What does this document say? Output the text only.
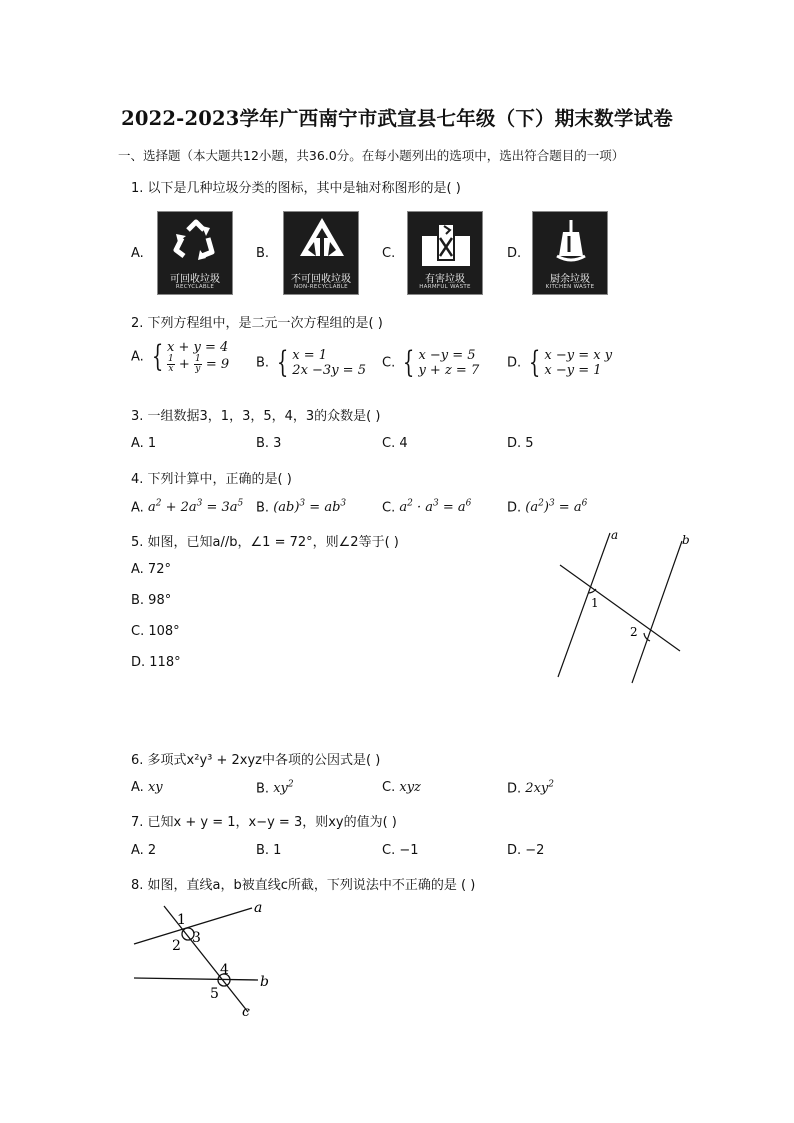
2022-2023学年广西南宁市武宣县七年级（下）期末数学试卷
一、选择题（本大题共12小题，共36.0分。在每小题列出的选项中，选出符合题目的一项）
1. 以下是几种垃圾分类的图标，其中是轴对称图形的是( )
A.	B.	C.	D.
可回收垃圾
RECYCLABLE
不可回收垃圾
NON-RECYCLABLE
有害垃圾
HARMFUL WASTE
厨余垃圾
KITCHEN WASTE
2. 下列方程组中，是二元一次方程组的是( )
A. { x + y = 4
$\frac{1}{x} + \frac{1}{y} = 9$ B. { x = 1
2x −3y = 5 C. { x −y = 5
y + z = 7 D. { x −y = x y
x −y = 1
3. 一组数据3，1，3，5，4，3的众数是( )
A. 1	B. 3	C. 4	D. 5
4. 下列计算中，正确的是( )
A. $a^2 + 2a^3 = 3a^5$ B. $(ab)^3 = ab^3$	C. $a^2 \cdot a^3 = a^6$	D. $(a^2)^3 = a^6$
5. 如图，已知a//b，∠1 = 72°，则∠2等于( )
A. 72°
B. 98°
C. 108°
D. 118°
a	b
1
2
6. 多项式x²y³ + 2xyz中各项的公因式是( )
A. xy	B. $xy^2$	C. xyz	D. $2xy^2$
7. 已知x + y = 1，x−y = 3，则xy的值为( )
A. 2	B. 1	C. −1	D. −2
8. 如图，直线a，b被直线c所截，下列说法中不正确的是 ( )
a
b
c
1
2 3
4
5
